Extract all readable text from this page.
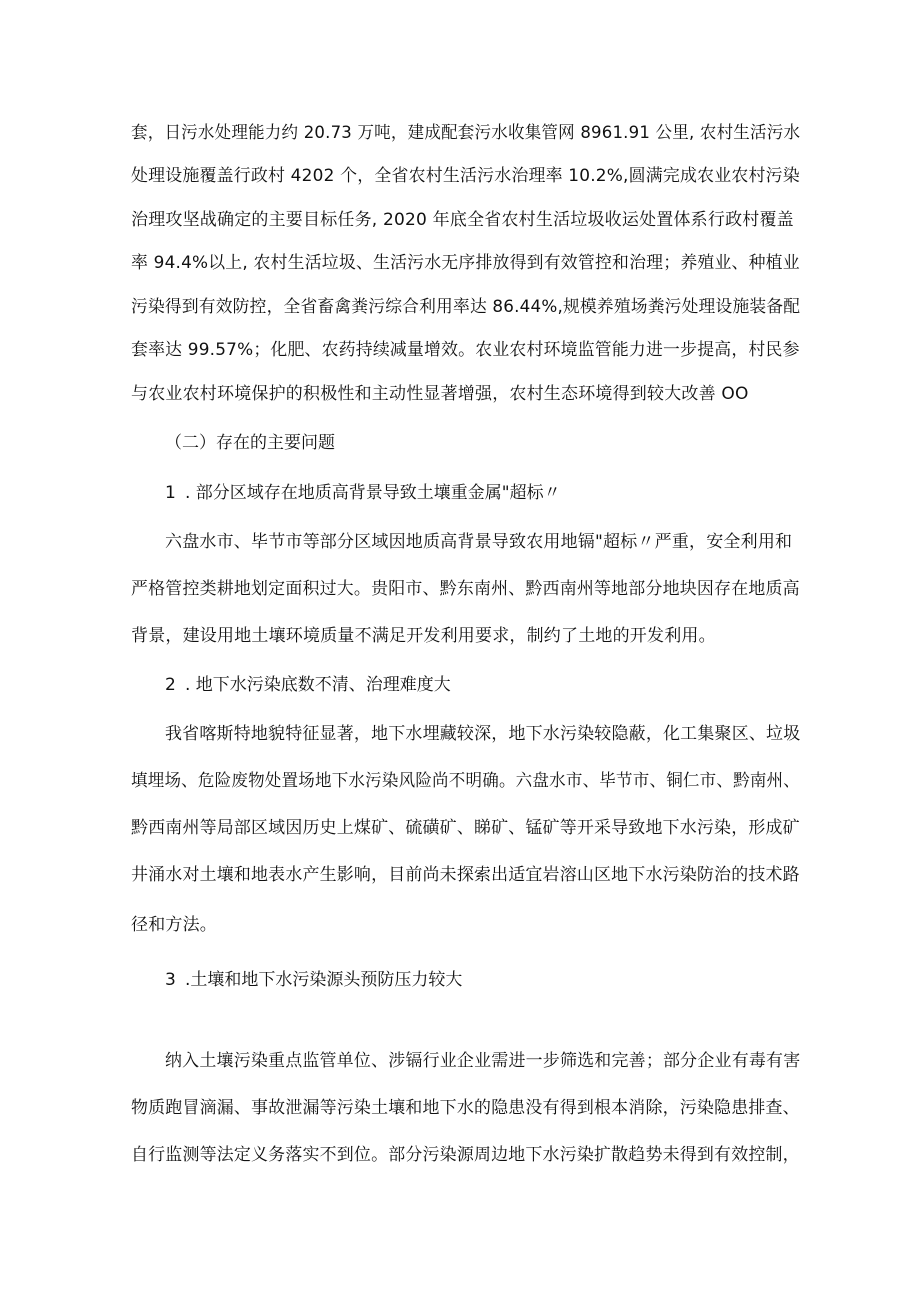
套，日污水处理能力约 20.73 万吨，建成配套污水收集管网 8961.91 公里, 农村生活污水
处理设施覆盖行政村 4202 个，全省农村生活污水治理率 10.2%,圆满完成农业农村污染
治理攻坚战确定的主要目标任务, 2020 年底全省农村生活垃圾收运处置体系行政村覆盖
率 94.4%以上, 农村生活垃圾、生活污水无序排放得到有效管控和治理；养殖业、种植业
污染得到有效防控，全省畜禽粪污综合利用率达 86.44%,规模养殖场粪污处理设施装备配
套率达 99.57%；化肥、农药持续减量增效。农业农村环境监管能力进一步提高，村民参
与农业农村环境保护的积极性和主动性显著增强，农村生态环境得到较大改善 OO
（二）存在的主要问题
1 . 部分区域存在地质高背景导致土壤重金属"超标〃
六盘水市、毕节市等部分区域因地质高背景导致农用地镉"超标〃严重，安全利用和
严格管控类耕地划定面积过大。贵阳市、黔东南州、黔西南州等地部分地块因存在地质高
背景，建设用地土壤环境质量不满足开发利用要求，制约了土地的开发利用。
2 . 地下水污染底数不清、治理难度大
我省喀斯特地貌特征显著，地下水埋藏较深，地下水污染较隐蔽，化工集聚区、垃圾
填埋场、危险废物处置场地下水污染风险尚不明确。六盘水市、毕节市、铜仁市、黔南州、
黔西南州等局部区域因历史上煤矿、硫磺矿、睇矿、锰矿等开采导致地下水污染，形成矿
井涌水对土壤和地表水产生影响，目前尚未探索出适宜岩溶山区地下水污染防治的技术路
径和方法。
3 .土壤和地下水污染源头预防压力较大
纳入土壤污染重点监管单位、涉镉行业企业需进一步筛选和完善；部分企业有毒有害
物质跑冒滴漏、事故泄漏等污染土壤和地下水的隐患没有得到根本消除，污染隐患排查、
自行监测等法定义务落实不到位。部分污染源周边地下水污染扩散趋势未得到有效控制，
